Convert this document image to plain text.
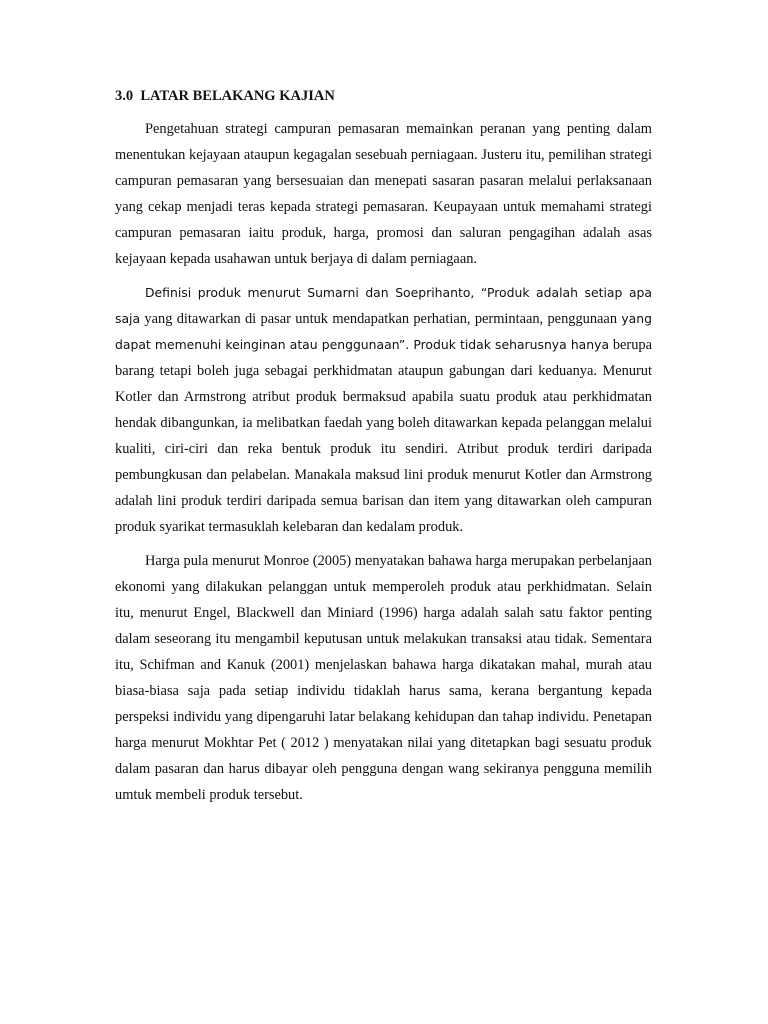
3.0  LATAR BELAKANG KAJIAN

Pengetahuan strategi campuran pemasaran memainkan peranan yang penting dalam menentukan kejayaan ataupun kegagalan sesebuah perniagaan. Justeru itu, pemilihan strategi campuran pemasaran yang bersesuaian dan menepati sasaran pasaran melalui perlaksanaan yang cekap menjadi teras kepada strategi pemasaran. Keupayaan untuk memahami strategi campuran pemasaran iaitu produk, harga, promosi dan saluran pengagihan adalah asas kejayaan kepada usahawan untuk berjaya di dalam perniagaan.

Definisi produk menurut Sumarni dan Soeprihanto, “Produk adalah setiap apa saja yang ditawarkan di pasar untuk mendapatkan perhatian, permintaan, penggunaan yang dapat memenuhi keinginan atau penggunaan”. Produk tidak seharusnya hanya berupa barang tetapi boleh juga sebagai perkhidmatan ataupun gabungan dari keduanya. Menurut Kotler dan Armstrong atribut produk bermaksud apabila suatu produk atau perkhidmatan hendak dibangunkan, ia melibatkan faedah yang boleh ditawarkan kepada pelanggan melalui kualiti, ciri-ciri dan reka bentuk produk itu sendiri. Atribut produk terdiri daripada pembungkusan dan pelabelan. Manakala maksud lini produk menurut Kotler dan Armstrong adalah lini produk terdiri daripada semua barisan dan item yang ditawarkan oleh campuran produk syarikat termasuklah kelebaran dan kedalam produk.

Harga pula menurut Monroe (2005) menyatakan bahawa harga merupakan perbelanjaan ekonomi yang dilakukan pelanggan untuk memperoleh produk atau perkhidmatan. Selain itu, menurut Engel, Blackwell dan Miniard (1996) harga adalah salah satu faktor penting dalam seseorang itu mengambil keputusan untuk melakukan transaksi atau tidak. Sementara itu, Schifman and Kanuk (2001) menjelaskan bahawa harga dikatakan mahal, murah atau biasa-biasa saja pada setiap individu tidaklah harus sama, kerana bergantung kepada perspeksi individu yang dipengaruhi latar belakang kehidupan dan tahap individu. Penetapan harga menurut Mokhtar Pet ( 2012 ) menyatakan nilai yang ditetapkan bagi sesuatu produk dalam pasaran dan harus dibayar oleh pengguna dengan wang sekiranya pengguna memilih umtuk membeli produk tersebut.
